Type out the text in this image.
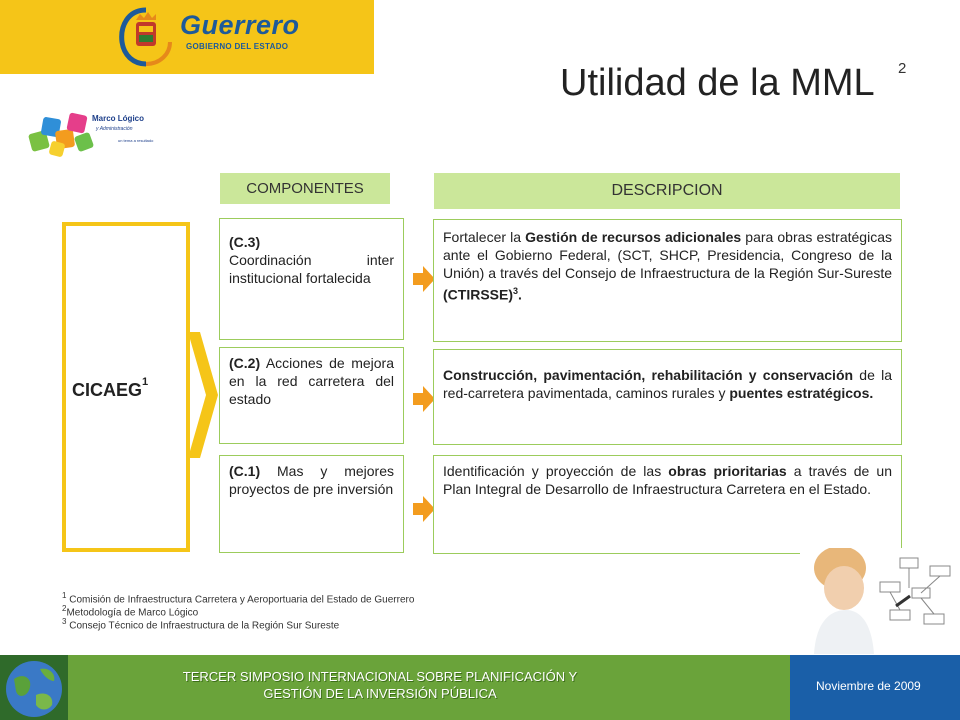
Guerrero
GOBIERNO DEL ESTADO
Utilidad de la MML 2
Marco Lógico
y Administración
un tema a resultado
COMPONENTES	DESCRIPCION
CICAEG$^1$
(C.3)
Coordinación inter institucional fortalecida
Fortalecer la Gestión de recursos adicionales para obras estratégicas ante el Gobierno Federal, (SCT, SHCP, Presidencia, Congreso de la Unión) a través del Consejo de Infraestructura de la Región Sur-Sureste (CTIRSSE)$^3$.
(C.2) Acciones de mejora en la red carretera del estado
Construcción, pavimentación, rehabilitación y conservación de la red-carretera pavimentada, caminos rurales y puentes estratégicos.
(C.1) Mas y mejores proyectos de pre inversión
Identificación y proyección de las obras prioritarias a través de un Plan Integral de Desarrollo de Infraestructura Carretera en el Estado.
$^1$ Comisión de Infraestructura Carretera y Aeroportuaria del Estado de Guerrero
$^2$Metodología de Marco Lógico
$^3$ Consejo Técnico de Infraestructura de la Región Sur Sureste
TERCER SIMPOSIO INTERNACIONAL SOBRE PLANIFICACIÓN Y
GESTIÓN DE LA INVERSIÓN PÚBLICA	Noviembre de 2009
